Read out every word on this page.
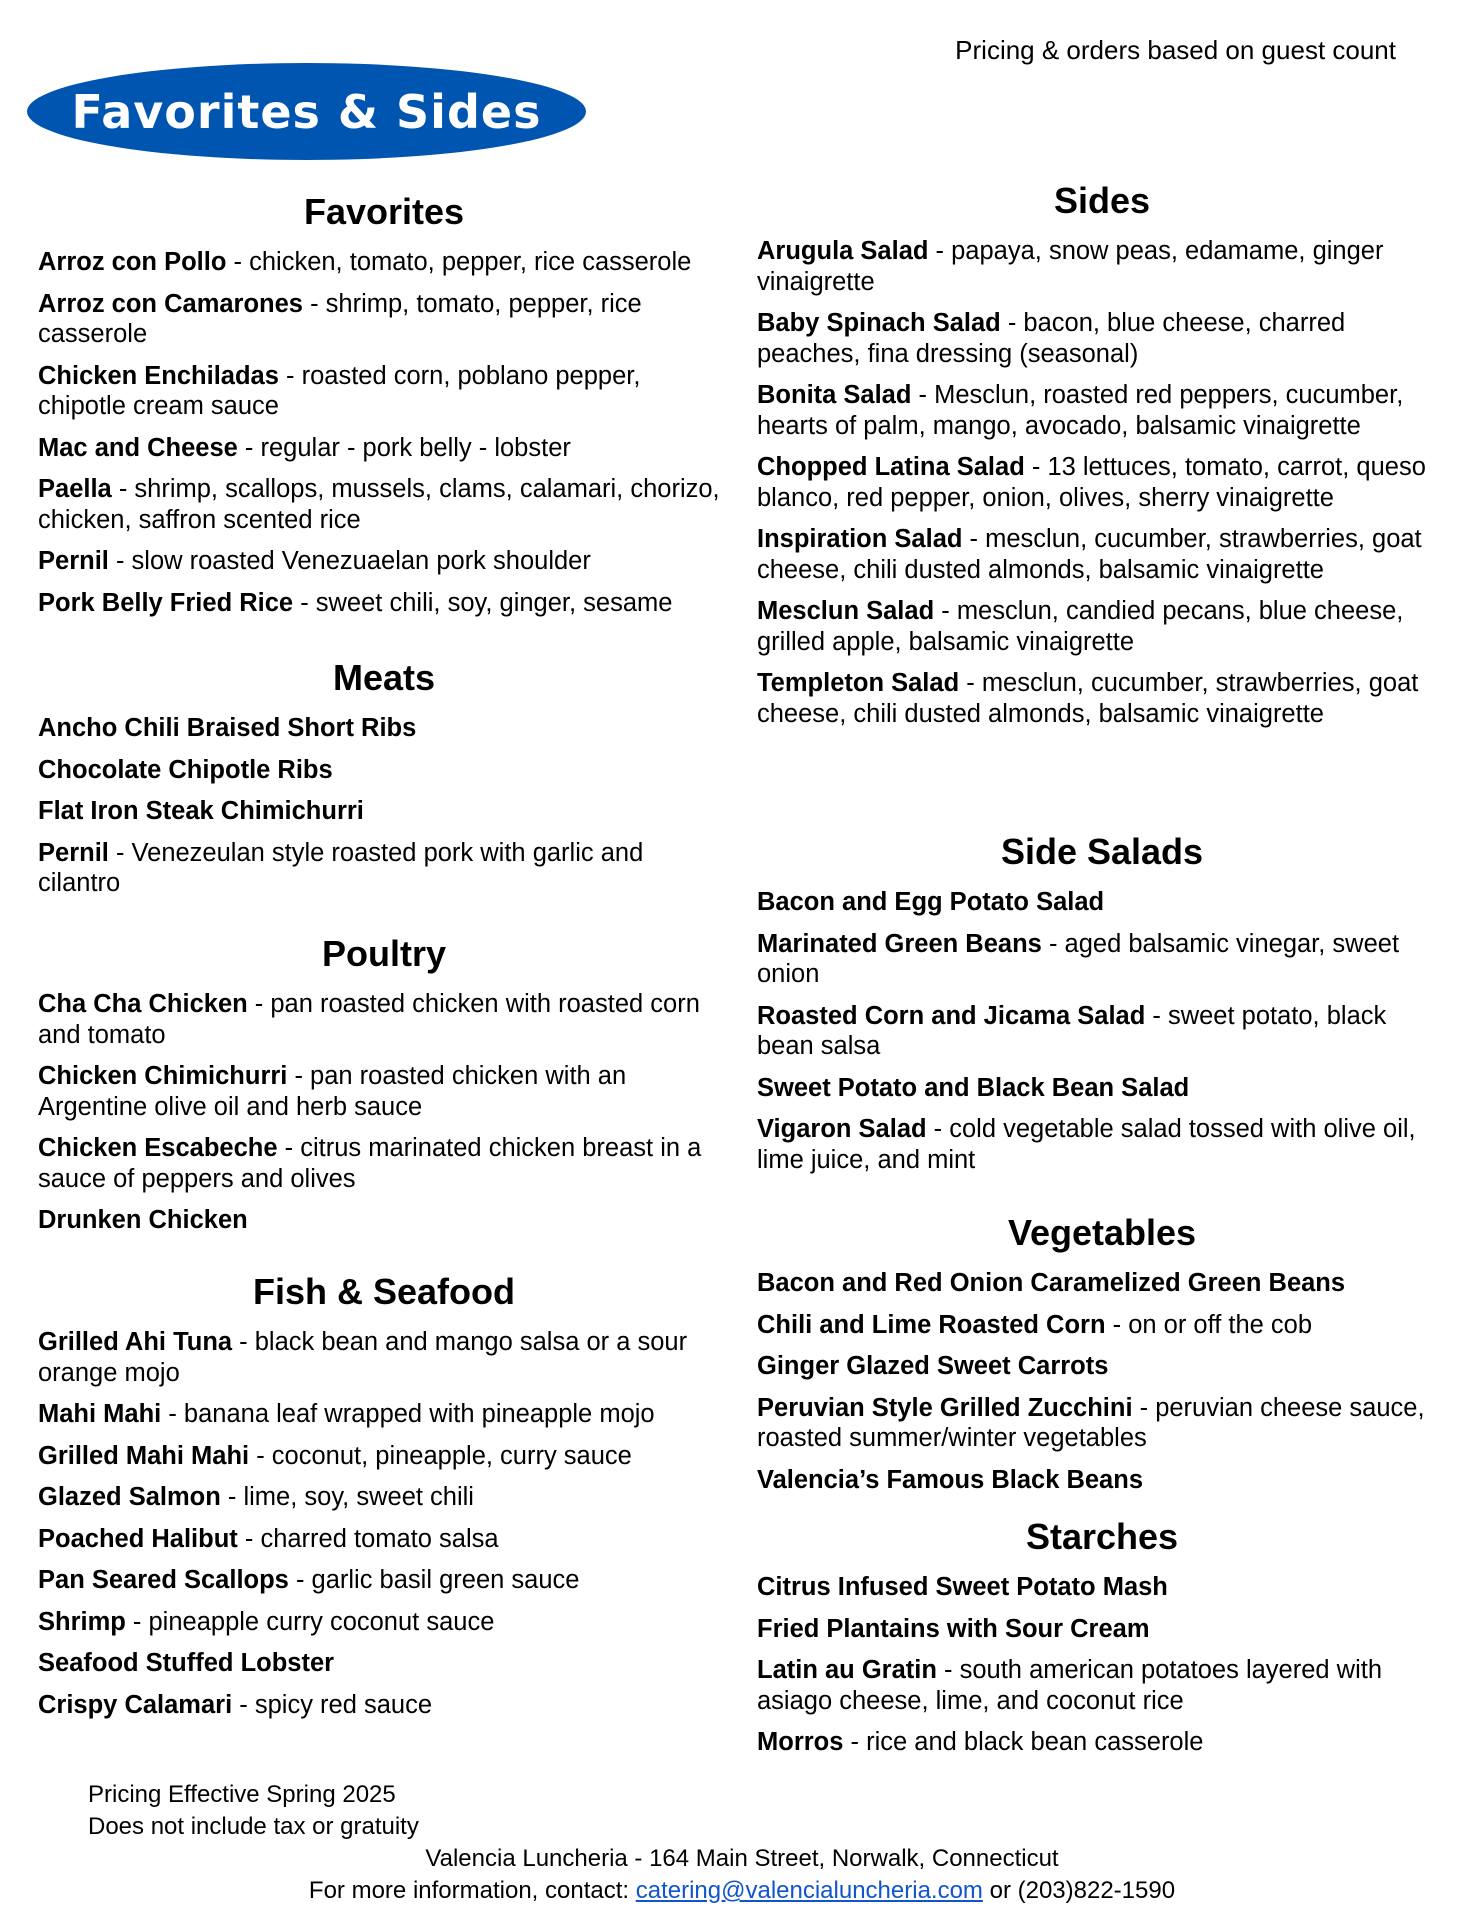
Pricing & orders based on guest count
Favorites & Sides
Favorites
Arroz con Pollo - chicken, tomato, pepper, rice casserole
Arroz con Camarones - shrimp, tomato, pepper, rice casserole
Chicken Enchiladas - roasted corn, poblano pepper, chipotle cream sauce
Mac and Cheese - regular - pork belly - lobster
Paella - shrimp, scallops, mussels, clams, calamari, chorizo, chicken, saffron scented rice
Pernil - slow roasted Venezuaelan pork shoulder
Pork Belly Fried Rice - sweet chili, soy, ginger, sesame
Meats
Ancho Chili Braised Short Ribs
Chocolate Chipotle Ribs
Flat Iron Steak Chimichurri
Pernil - Venezeulan style roasted pork with garlic and cilantro
Poultry
Cha Cha Chicken - pan roasted chicken with roasted corn and tomato
Chicken Chimichurri - pan roasted chicken with an Argentine olive oil and herb sauce
Chicken Escabeche - citrus marinated chicken breast in a sauce of peppers and olives
Drunken Chicken
Fish & Seafood
Grilled Ahi Tuna - black bean and mango salsa or a sour orange mojo
Mahi Mahi - banana leaf wrapped with pineapple mojo
Grilled Mahi Mahi - coconut, pineapple, curry sauce
Glazed Salmon - lime, soy, sweet chili
Poached Halibut - charred tomato salsa
Pan Seared Scallops - garlic basil green sauce
Shrimp - pineapple curry coconut sauce
Seafood Stuffed Lobster
Crispy Calamari - spicy red sauce
Sides
Arugula Salad - papaya, snow peas, edamame, ginger vinaigrette
Baby Spinach Salad - bacon, blue cheese, charred peaches, fina dressing (seasonal)
Bonita Salad - Mesclun, roasted red peppers, cucumber, hearts of palm, mango, avocado, balsamic vinaigrette
Chopped Latina Salad - 13 lettuces, tomato, carrot, queso blanco, red pepper, onion, olives, sherry vinaigrette
Inspiration Salad - mesclun, cucumber, strawberries, goat cheese, chili dusted almonds, balsamic vinaigrette
Mesclun Salad - mesclun, candied pecans, blue cheese, grilled apple, balsamic vinaigrette
Templeton Salad - mesclun, cucumber, strawberries, goat cheese, chili dusted almonds, balsamic vinaigrette
Side Salads
Bacon and Egg Potato Salad
Marinated Green Beans - aged balsamic vinegar, sweet onion
Roasted Corn and Jicama Salad - sweet potato, black bean salsa
Sweet Potato and Black Bean Salad
Vigaron Salad - cold vegetable salad tossed with olive oil, lime juice, and mint
Vegetables
Bacon and Red Onion Caramelized Green Beans
Chili and Lime Roasted Corn - on or off the cob
Ginger Glazed Sweet Carrots
Peruvian Style Grilled Zucchini - peruvian cheese sauce, roasted summer/winter vegetables
Valencia’s Famous Black Beans
Starches
Citrus Infused Sweet Potato Mash
Fried Plantains with Sour Cream
Latin au Gratin - south american potatoes layered with asiago cheese, lime, and coconut rice
Morros - rice and black bean casserole
Pricing Effective Spring 2025
Does not include tax or gratuity
Valencia Luncheria - 164 Main Street, Norwalk, Connecticut
For more information, contact: catering@valencialuncheria.com or (203)822-1590
